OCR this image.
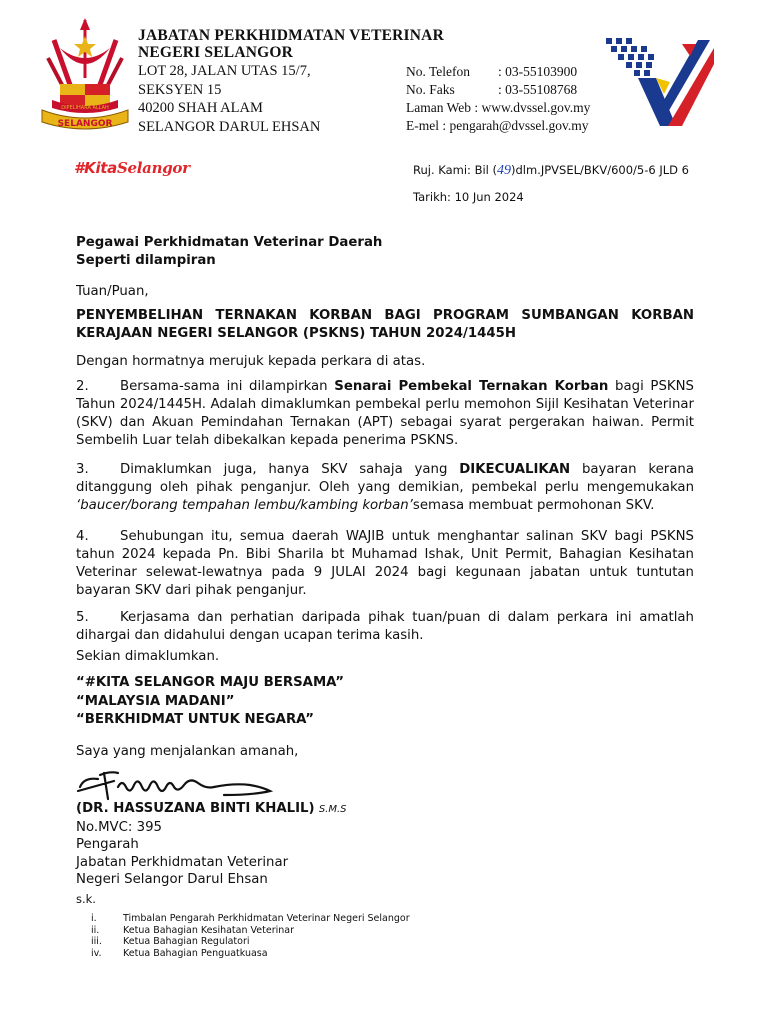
SELANGOR
DIPELIHARA ALLAH
JABATAN PERKHIDMATAN VETERINAR
NEGERI SELANGOR
LOT 28, JALAN UTAS 15/7,
SEKSYEN 15
40200 SHAH ALAM
SELANGOR DARUL EHSAN
No. Telefon : 03-55103900
No. Faks	: 03-55108768
Laman Web : www.dvssel.gov.my
E-mel : pengarah@dvssel.gov.my
#KitaSelangor	Ruj. Kami: Bil (49)dlm.JPVSEL/BKV/600/5-6 JLD 6
Tarikh: 10 Jun 2024
Pegawai Perkhidmatan Veterinar Daerah
Seperti dilampiran
Tuan/Puan,
PENYEMBELIHAN TERNAKAN KORBAN BAGI PROGRAM SUMBANGAN KORBAN KERAJAAN NEGERI SELANGOR (PSKNS) TAHUN 2024/1445H
Dengan hormatnya merujuk kepada perkara di atas.
2. Bersama-sama ini dilampirkan Senarai Pembekal Ternakan Korban bagi PSKNS Tahun 2024/1445H. Adalah dimaklumkan pembekal perlu memohon Sijil Kesihatan Veterinar (SKV) dan Akuan Pemindahan Ternakan (APT) sebagai syarat pergerakan haiwan. Permit Sembelih Luar telah dibekalkan kepada penerima PSKNS.
3. Dimaklumkan juga, hanya SKV sahaja yang DIKECUALIKAN bayaran kerana ditanggung oleh pihak penganjur. Oleh yang demikian, pembekal perlu mengemukakan ‘baucer/borang tempahan lembu/kambing korban’semasa membuat permohonan SKV.
4. Sehubungan itu, semua daerah WAJIB untuk menghantar salinan SKV bagi PSKNS tahun 2024 kepada Pn. Bibi Sharila bt Muhamad Ishak, Unit Permit, Bahagian Kesihatan Veterinar selewat-lewatnya pada 9 JULAI 2024 bagi kegunaan jabatan untuk tuntutan bayaran SKV dari pihak penganjur.
5. Kerjasama dan perhatian daripada pihak tuan/puan di dalam perkara ini amatlah dihargai dan didahului dengan ucapan terima kasih.
Sekian dimaklumkan.
“#KITA SELANGOR MAJU BERSAMA”
“MALAYSIA MADANI”
“BERKHIDMAT UNTUK NEGARA”
Saya yang menjalankan amanah,
(DR. HASSUZANA BINTI KHALIL) S.M.S
No.MVC: 395
Pengarah
Jabatan Perkhidmatan Veterinar
Negeri Selangor Darul Ehsan
s.k.
i.	Timbalan Pengarah Perkhidmatan Veterinar Negeri Selangor
ii. Ketua Bahagian Kesihatan Veterinar
iii. Ketua Bahagian Regulatori
iv. Ketua Bahagian Penguatkuasa
